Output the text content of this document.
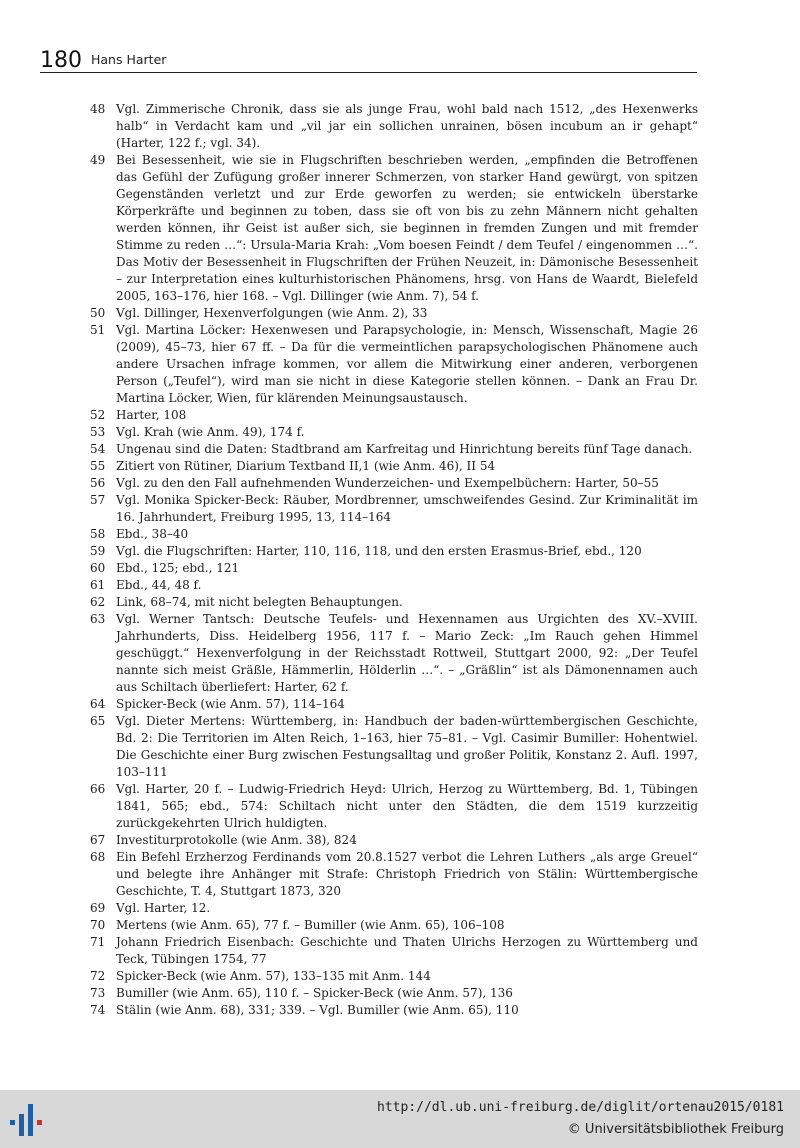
180 Hans Harter
48 Vgl. Zimmerische Chronik, dass sie als junge Frau, wohl bald nach 1512, „des Hexenwerks halb“ in Verdacht kam und „vil jar ein sollichen unrainen, bösen incubum an ir gehapt“ (Harter, 122 f.; vgl. 34).
49 Bei Besessenheit, wie sie in Flugschriften beschrieben werden, „empfinden die Betroffenen das Gefühl der Zufügung großer innerer Schmerzen, von starker Hand gewürgt, von spitzen Gegenständen verletzt und zur Erde geworfen zu werden; sie entwickeln überstarke Körperkräfte und beginnen zu toben, dass sie oft von bis zu zehn Männern nicht gehalten werden können, ihr Geist ist außer sich, sie beginnen in fremden Zungen und mit fremder Stimme zu reden …“: Ursula-Maria Krah: „Vom boesen Feindt / dem Teufel / eingenommen …“. Das Motiv der Besessenheit in Flugschriften der Frühen Neuzeit, in: Dämonische Besessenheit – zur Interpretation eines kulturhistorischen Phänomens, hrsg. von Hans de Waardt, Bielefeld 2005, 163–176, hier 168. – Vgl. Dillinger (wie Anm. 7), 54 f.
50 Vgl. Dillinger, Hexenverfolgungen (wie Anm. 2), 33
51 Vgl. Martina Löcker: Hexenwesen und Parapsychologie, in: Mensch, Wissenschaft, Magie 26 (2009), 45–73, hier 67 ff. – Da für die vermeintlichen parapsychologischen Phänomene auch andere Ursachen infrage kommen, vor allem die Mitwirkung einer anderen, verborgenen Person („Teufel“), wird man sie nicht in diese Kategorie stellen können. – Dank an Frau Dr. Martina Löcker, Wien, für klärenden Meinungsaustausch.
52 Harter, 108
53 Vgl. Krah (wie Anm. 49), 174 f.
54 Ungenau sind die Daten: Stadtbrand am Karfreitag und Hinrichtung bereits fünf Tage danach.
55 Zitiert von Rütiner, Diarium Textband II,1 (wie Anm. 46), II 54
56 Vgl. zu den den Fall aufnehmenden Wunderzeichen- und Exempelbüchern: Harter, 50–55
57 Vgl. Monika Spicker-Beck: Räuber, Mordbrenner, umschweifendes Gesind. Zur Kriminalität im 16. Jahrhundert, Freiburg 1995, 13, 114–164
58 Ebd., 38–40
59 Vgl. die Flugschriften: Harter, 110, 116, 118, und den ersten Erasmus-Brief, ebd., 120
60 Ebd., 125; ebd., 121
61 Ebd., 44, 48 f.
62 Link, 68–74, mit nicht belegten Behauptungen.
63 Vgl. Werner Tantsch: Deutsche Teufels- und Hexennamen aus Urgichten des XV.–XVIII. Jahrhunderts, Diss. Heidelberg 1956, 117 f. – Mario Zeck: „Im Rauch gehen Himmel geschüggt.“ Hexenverfolgung in der Reichsstadt Rottweil, Stuttgart 2000, 92: „Der Teufel nannte sich meist Gräßle, Hämmerlin, Hölderlin …“. – „Gräßlin“ ist als Dämonennamen auch aus Schiltach überliefert: Harter, 62 f.
64 Spicker-Beck (wie Anm. 57), 114–164
65 Vgl. Dieter Mertens: Württemberg, in: Handbuch der baden-württembergischen Geschichte, Bd. 2: Die Territorien im Alten Reich, 1–163, hier 75–81. – Vgl. Casimir Bumiller: Hohentwiel. Die Geschichte einer Burg zwischen Festungsalltag und großer Politik, Konstanz 2. Aufl. 1997, 103–111
66 Vgl. Harter, 20 f. – Ludwig-Friedrich Heyd: Ulrich, Herzog zu Württemberg, Bd. 1, Tübingen 1841, 565; ebd., 574: Schiltach nicht unter den Städten, die dem 1519 kurzzeitig zurückgekehrten Ulrich huldigten.
67 Investiturprotokolle (wie Anm. 38), 824
68 Ein Befehl Erzherzog Ferdinands vom 20.8.1527 verbot die Lehren Luthers „als arge Greuel“ und belegte ihre Anhänger mit Strafe: Christoph Friedrich von Stälin: Württembergische Geschichte, T. 4, Stuttgart 1873, 320
69 Vgl. Harter, 12.
70 Mertens (wie Anm. 65), 77 f. – Bumiller (wie Anm. 65), 106–108
71 Johann Friedrich Eisenbach: Geschichte und Thaten Ulrichs Herzogen zu Württemberg und Teck, Tübingen 1754, 77
72 Spicker-Beck (wie Anm. 57), 133–135 mit Anm. 144
73 Bumiller (wie Anm. 65), 110 f. – Spicker-Beck (wie Anm. 57), 136
74 Stälin (wie Anm. 68), 331; 339. – Vgl. Bumiller (wie Anm. 65), 110
http://dl.ub.uni-freiburg.de/diglit/ortenau2015/0181
© Universitätsbibliothek Freiburg
